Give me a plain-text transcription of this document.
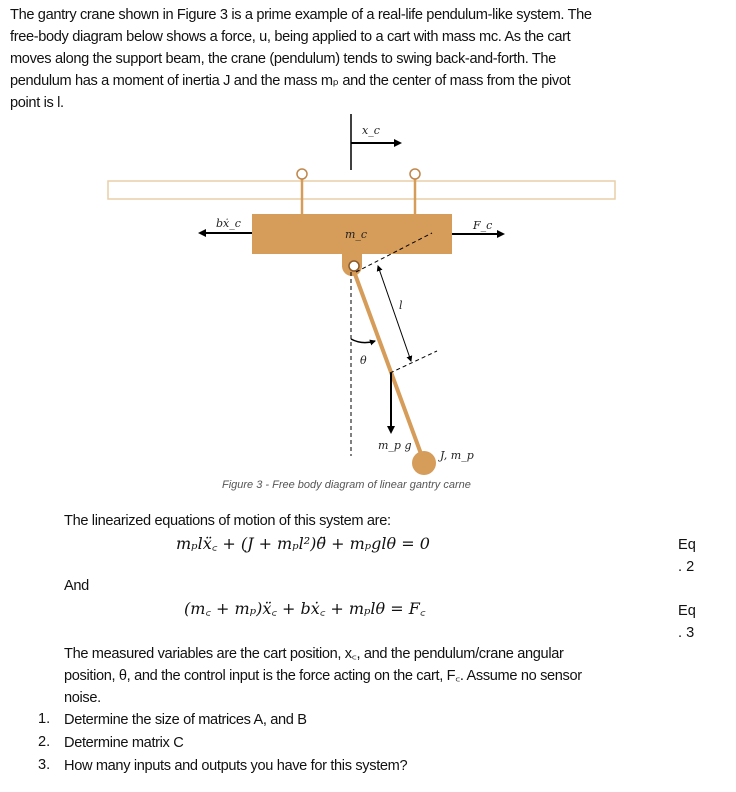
The gantry crane shown in Figure 3 is a prime example of a real-life pendulum-like system. The
free-body diagram below shows a force, u, being applied to a cart with mass mᴄ. As the cart
moves along the support beam, the crane (pendulum) tends to swing back-and-forth. The
pendulum has a moment of inertia J and the mass mₚ and the center of mass from the pivot
point is l.
x_c
bẋ_c
m_c
F_c
l
θ
m_p g
J, m_p
Figure 3 - Free body diagram of linear gantry carne
The linearized equations of motion of this system are:
mₚlẍ꜀ + (J + mₚl²)θ̈ + mₚglθ = 0	Eq
. 2
And
(m꜀ + mₚ)ẍ꜀ + bẋ꜀ + mₚlθ = F꜀	Eq
. 3
The measured variables are the cart position, x꜀, and the pendulum/crane angular
position, θ, and the control input is the force acting on the cart, F꜀. Assume no sensor
noise.
1. Determine the size of matrices A, and B
2. Determine matrix C
3. How many inputs and outputs you have for this system?
